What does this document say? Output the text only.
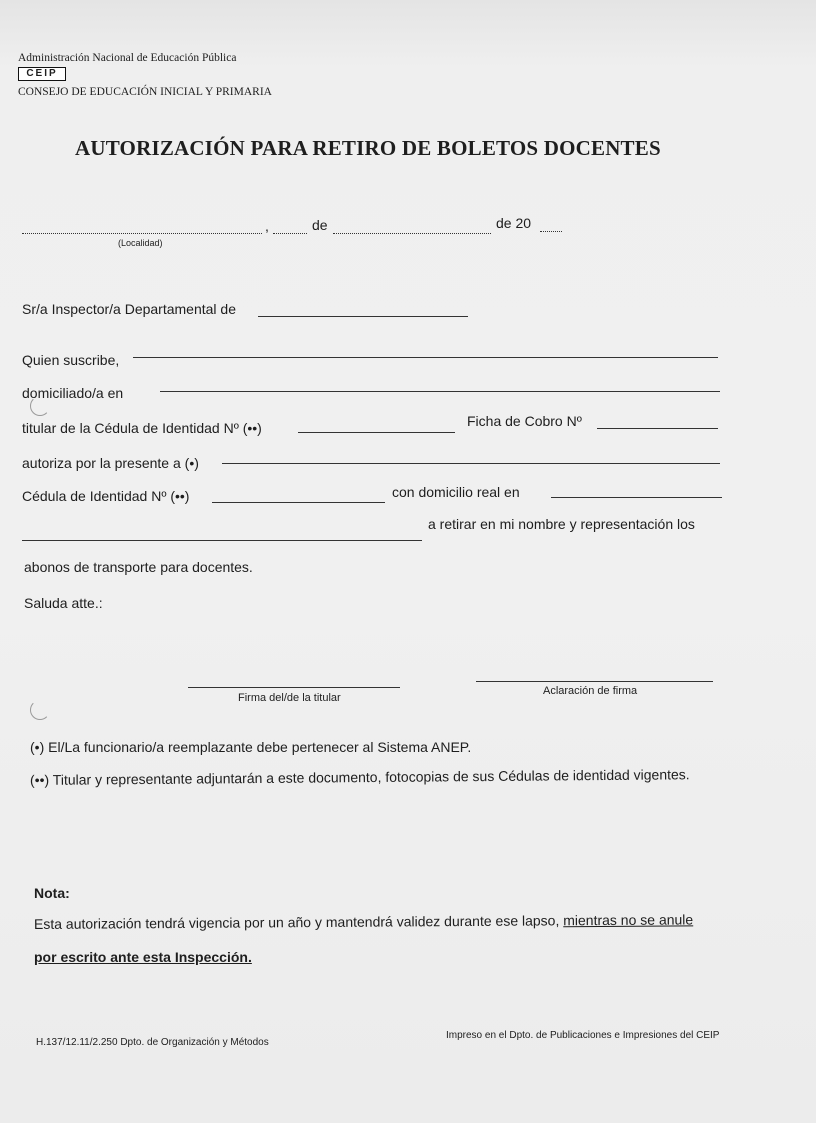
Administración Nacional de Educación Pública
CEIP
CONSEJO DE EDUCACIÓN INICIAL Y PRIMARIA
AUTORIZACIÓN PARA RETIRO DE BOLETOS DOCENTES
,	de	de 20
(Localidad)
Sr/a Inspector/a Departamental de
Quien suscribe,
domiciliado/a en
titular de la Cédula de Identidad Nº (••)	Ficha de Cobro Nº
autoriza por la presente a (•)
Cédula de Identidad Nº (••)	con domicilio real en
a retirar en mi nombre y representación los
abonos de transporte para docentes.
Saluda atte.:
Firma del/de la titular
Aclaración de firma
(•) El/La funcionario/a reemplazante debe pertenecer al Sistema ANEP.
(••) Titular y representante adjuntarán a este documento, fotocopias de sus Cédulas de identidad vigentes.
Nota:
Esta autorización tendrá vigencia por un año y mantendrá validez durante ese lapso, mientras no se anule
por escrito ante esta Inspección.
H.137/12.11/2.250 Dpto. de Organización y Métodos
Impreso en el Dpto. de Publicaciones e Impresiones del CEIP
